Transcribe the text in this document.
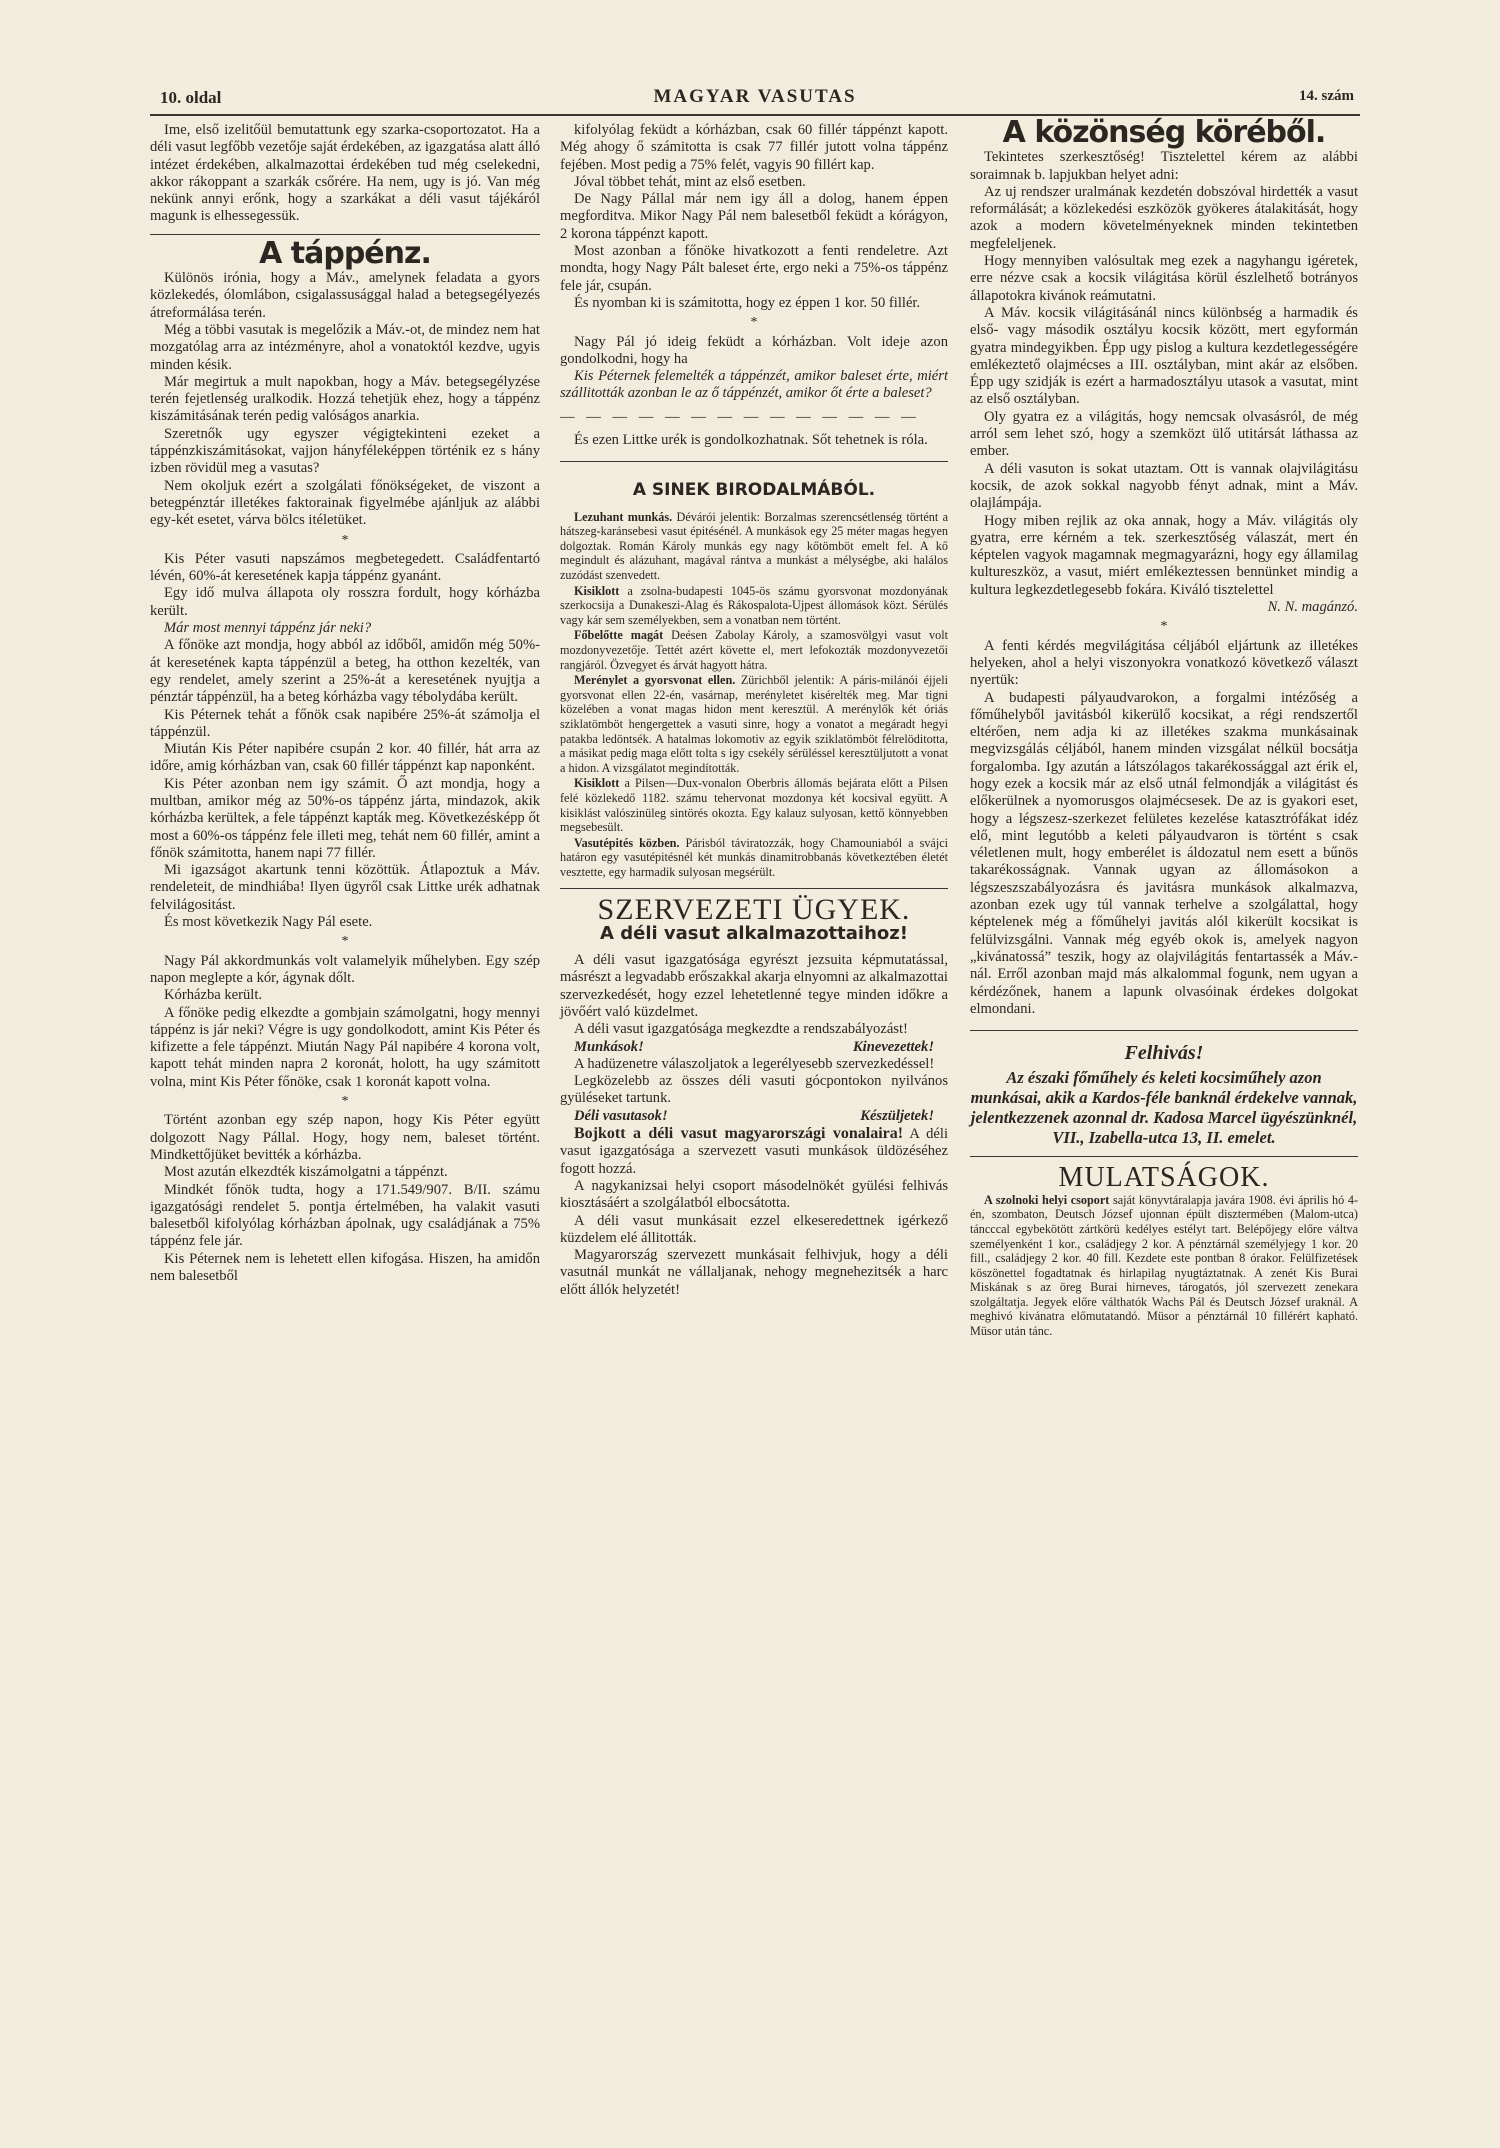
10. oldal	MAGYAR VASUTAS	14. szám

Ime, első izelitőül bemutattunk egy szarka-csoportozatot. Ha a déli vasut legfőbb vezetője saját érdekében, az igazgatása alatt álló intézet érdekében, alkalmazottai érdekében tud még cselekedni, akkor rákoppant a szarkák csőrére. Ha nem, ugy is jó. Van még nekünk annyi erőnk, hogy a szarkákat a déli vasut tájékáról magunk is elhessegessük.

A táppénz.

Különös irónia, hogy a Máv., amelynek feladata a gyors közlekedés, ólomlábon, csigalassusággal halad a betegsegélyezés átreformálása terén.

Még a többi vasutak is megelőzik a Máv.-ot, de mindez nem hat mozgatólag arra az intézményre, ahol a vonatoktól kezdve, ugyis minden késik.

Már megirtuk a mult napokban, hogy a Máv. betegsegélyzése terén fejetlenség uralkodik. Hozzá tehetjük ehez, hogy a táppénz kiszámitásának terén pedig valóságos anarkia.

Szeretnők ugy egyszer végigtekinteni ezeket a táppénzkiszámitásokat, vajjon hányféleképpen történik ez s hány izben rövidül meg a vasutas?

Nem okoljuk ezért a szolgálati főnökségeket, de viszont a betegpénztár illetékes faktorainak figyelmébe ajánljuk az alábbi egy-két esetet, várva bölcs itéletüket.

*

Kis Péter vasuti napszámos megbetegedett. Családfentartó lévén, 60%-át keresetének kapja táppénz gyanánt.

Egy idő mulva állapota oly rosszra fordult, hogy kórházba került.

Már most mennyi táppénz jár neki?

A főnöke azt mondja, hogy abból az időből, amidőn még 50%-át keresetének kapta táppénzül a beteg, ha otthon kezelték, van egy rendelet, amely szerint a 25%-át a keresetének nyujtja a pénztár táppénzül, ha a beteg kórházba vagy tébolydába került.

Kis Péternek tehát a főnök csak napibére 25%-át számolja el táppénzül.

Miután Kis Péter napibére csupán 2 kor. 40 fillér, hát arra az időre, amig kórházban van, csak 60 fillér táppénzt kap naponként.

Kis Péter azonban nem igy számit. Ő azt mondja, hogy a multban, amikor még az 50%-os táppénz járta, mindazok, akik kórházba kerültek, a fele táppénzt kapták meg. Következésképp őt most a 60%-os táppénz fele illeti meg, tehát nem 60 fillér, amint a főnök számitotta, hanem napi 77 fillér.

Mi igazságot akartunk tenni közöttük. Átlapoztuk a Máv. rendeleteit, de mindhiába! Ilyen ügyről csak Littke urék adhatnak felvilágositást.

És most következik Nagy Pál esete.

*

Nagy Pál akkordmunkás volt valamelyik műhelyben. Egy szép napon meglepte a kór, ágynak dőlt.

Kórházba került.

A főnöke pedig elkezdte a gombjain számolgatni, hogy mennyi táppénz is jár neki? Végre is ugy gondolkodott, amint Kis Péter és kifizette a fele táppénzt. Miután Nagy Pál napibére 4 korona volt, kapott tehát minden napra 2 koronát, holott, ha ugy számitott volna, mint Kis Péter főnöke, csak 1 koronát kapott volna.

*

Történt azonban egy szép napon, hogy Kis Péter együtt dolgozott Nagy Pállal. Hogy, hogy nem, baleset történt. Mindkettőjüket bevitték a kórházba.

Most azután elkezdték kiszámolgatni a táppénzt.

Mindkét főnök tudta, hogy a 171.549/907. B/II. számu igazgatósági rendelet 5. pontja értelmében, ha valakit vasuti balesetből kifolyólag kórházban ápolnak, ugy családjának a 75% táppénz fele jár.

Kis Péternek nem is lehetett ellen kifogása. Hiszen, ha amidőn nem balesetből

kifolyólag feküdt a kórházban, csak 60 fillér táppénzt kapott. Még ahogy ő számitotta is csak 77 fillér jutott volna táppénz fejében. Most pedig a 75% felét, vagyis 90 fillért kap.

Jóval többet tehát, mint az első esetben.

De Nagy Pállal már nem igy áll a dolog, hanem éppen megforditva. Mikor Nagy Pál nem balesetből feküdt a kórágyon, 2 korona táppénzt kapott.

Most azonban a főnöke hivatkozott a fenti rendeletre. Azt mondta, hogy Nagy Pált baleset érte, ergo neki a 75%-os táppénz fele jár, csupán.

És nyomban ki is számitotta, hogy ez éppen 1 kor. 50 fillér.

*

Nagy Pál jó ideig feküdt a kórházban. Volt ideje azon gondolkodni, hogy ha

Kis Péternek felemelték a táppénzét, amikor baleset érte, miért szállitották azonban le az ő táppénzét, amikor őt érte a baleset?

— — — — — — — — — — — — — —

És ezen Littke urék is gondolkozhatnak. Sőt tehetnek is róla.

A SINEK BIRODALMÁBÓL.

Lezuhant munkás. Dévárói jelentik: Borzalmas szerencsétlenség történt a hátszeg-karánsebesi vasut épitésénél. A munkások egy 25 méter magas hegyen dolgoztak. Román Károly munkás egy nagy kőtömböt emelt fel. A kő megindult és alázuhant, magával rántva a munkást a mélységbe, aki halálos zuzódást szenvedett.

Kisiklott a zsolna-budapesti 1045-ös számu gyorsvonat mozdonyának szerkocsija a Dunakeszi-Alag és Rákospalota-Ujpest állomások közt. Sérülés vagy kár sem személyekben, sem a vonatban nem történt.

Főbelőtte magát Deésen Zabolay Károly, a szamosvölgyi vasut volt mozdonyvezetője. Tettét azért követte el, mert lefokozták mozdonyvezetői rangjáról. Özvegyet és árvát hagyott hátra.

Merénylet a gyorsvonat ellen. Zürichből jelentik: A páris-milánói éjjeli gyorsvonat ellen 22-én, vasárnap, merényletet kisérelték meg. Mar tigni közelében a vonat magas hidon ment keresztül. A merénylők két óriás sziklatömböt hengergettek a vasuti sinre, hogy a vonatot a megáradt hegyi patakba ledöntsék. A hatalmas lokomotiv az egyik sziklatömböt félrelöditotta, a másikat pedig maga előtt tolta s igy csekély sérüléssel keresztüljutott a vonat a hidon. A vizsgálatot megindították.

Kisiklott a Pilsen—Dux-vonalon Oberbris állomás bejárata előtt a Pilsen felé közlekedő 1182. számu tehervonat mozdonya két kocsival együtt. A kisiklást valószinüleg sintörés okozta. Egy kalauz sulyosan, kettő könnyebben megsebesült.

Vasutépités közben. Párisból táviratozzák, hogy Chamouniaból a svájci határon egy vasutépitésnél két munkás dinamitrobbanás következtében életét vesztette, egy harmadik sulyosan megsérült.

SZERVEZETI ÜGYEK.
A déli vasut alkalmazottaihoz!

A déli vasut igazgatósága egyrészt jezsuita képmutatással, másrészt a legvadabb erőszakkal akarja elnyomni az alkalmazottai szervezkedését, hogy ezzel lehetetlenné tegye minden időkre a jövőért való küzdelmet.

A déli vasut igazgatósága megkezdte a rendszabályozást!

Munkások!	Kinevezettek!

A hadüzenetre válaszoljatok a legerélyesebb szervezkedéssel!

Legközelebb az összes déli vasuti gócpontokon nyilvános gyüléseket tartunk.

Déli vasutasok!	Készüljetek!

Bojkott a déli vasut magyarországi vonalaira! A déli vasut igazgatósága a szervezett vasuti munkások üldözéséhez fogott hozzá.

A nagykanizsai helyi csoport másodelnökét gyülési felhivás kiosztásáért a szolgálatból elbocsátotta.

A déli vasut munkásait ezzel elkeseredettnek igérkező küzdelem elé állitották.

Magyarország szervezett munkásait felhivjuk, hogy a déli vasutnál munkát ne vállaljanak, nehogy megnehezitsék a harc előtt állók helyzetét!

A közönség köréből.

Tekintetes szerkesztőség! Tisztelettel kérem az alábbi soraimnak b. lapjukban helyet adni:

Az uj rendszer uralmának kezdetén dobszóval hirdették a vasut reformálását; a közlekedési eszközök gyökeres átalakitását, hogy azok a modern követelményeknek minden tekintetben megfeleljenek.

Hogy mennyiben valósultak meg ezek a nagyhangu igéretek, erre nézve csak a kocsik világitása körül észlelhető botrányos állapotokra kivánok reámutatni.

A Máv. kocsik világitásánál nincs különbség a harmadik és első- vagy második osztályu kocsik között, mert egyformán gyatra mindegyikben. Épp ugy pislog a kultura kezdetlegességére emlékeztető olajmécses a III. osztályban, mint akár az elsőben. Épp ugy szidják is ezért a harmadosztályu utasok a vasutat, mint az első osztályban.

Oly gyatra ez a világitás, hogy nemcsak olvasásról, de még arról sem lehet szó, hogy a szemközt ülő utitársát láthassa az ember.

A déli vasuton is sokat utaztam. Ott is vannak olajvilágitásu kocsik, de azok sokkal nagyobb fényt adnak, mint a Máv. olajlámpája.

Hogy miben rejlik az oka annak, hogy a Máv. világitás oly gyatra, erre kérném a tek. szerkesztőség válaszát, mert én képtelen vagyok magamnak megmagyarázni, hogy egy államilag kultureszköz, a vasut, miért emlékeztessen bennünket mindig a kultura legkezdetlegesebb fokára. Kiváló tisztelettel

N. N. magánzó.

*

A fenti kérdés megvilágitása céljából eljártunk az illetékes helyeken, ahol a helyi viszonyokra vonatkozó következő választ nyertük:

A budapesti pályaudvarokon, a forgalmi intézőség a főműhelyből javitásból kikerülő kocsikat, a régi rendszertől eltérően, nem adja ki az illetékes szakma munkásainak megvizsgálás céljából, hanem minden vizsgálat nélkül bocsátja forgalomba. Igy azután a látszólagos takarékossággal azt érik el, hogy ezek a kocsik már az első utnál felmondják a világitást és előkerülnek a nyomorusgos olajmécsesek. De az is gyakori eset, hogy a légszesz-szerkezet felületes kezelése katasztrófákat idéz elő, mint legutóbb a keleti pályaudvaron is történt s csak véletlenen mult, hogy emberélet is áldozatul nem esett a bűnös takarékosságnak. Vannak ugyan az állomásokon a légszeszszabályozásra és javitásra munkások alkalmazva, azonban ezek ugy túl vannak terhelve a szolgálattal, hogy képtelenek még a főműhelyi javitás alól kikerült kocsikat is felülvizsgálni. Vannak még egyéb okok is, amelyek nagyon „kivánatossá” teszik, hogy az olajvilágitás fentartassék a Máv.-nál. Erről azonban majd más alkalommal fogunk, nem ugyan a kérdézőnek, hanem a lapunk olvasóinak érdekes dolgokat elmondani.

Felhivás!
Az északi főműhely és keleti kocsiműhely azon munkásai, akik a Kardos-féle banknál érdekelve vannak, jelentkezzenek azonnal dr. Kadosa Marcel ügyészünknél, VII., Izabella-utca 13, II. emelet.
MULATSÁGOK.

A szolnoki helyi csoport saját könyvtáralapja javára 1908. évi április hó 4-én, szombaton, Deutsch József ujonnan épült disztermében (Malom-utca) táncccal egybekötött zártkörü kedélyes estélyt tart. Belépőjegy előre váltva személyenként 1 kor., családjegy 2 kor. A pénztárnál személyjegy 1 kor. 20 fill., családjegy 2 kor. 40 fill. Kezdete este pontban 8 órakor. Felülfizetések köszönettel fogadtatnak és hirlapilag nyugtáztatnak. A zenét Kis Burai Miskának s az öreg Burai hirneves, tárogatós, jól szervezett zenekara szolgáltatja. Jegyek előre válthatók Wachs Pál és Deutsch József uraknál. A meghivó kivánatra előmutatandó. Müsor a pénztárnál 10 fillérért kapható. Müsor után tánc.
